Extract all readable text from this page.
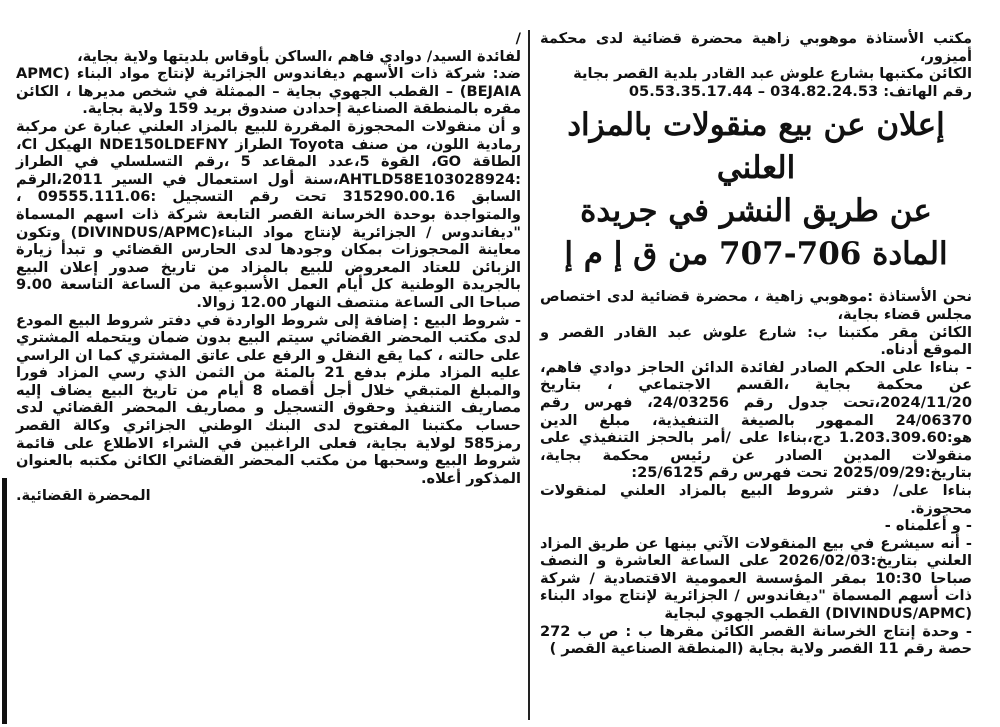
مكتب الأستاذة موهوبي زاهية محضرة قضائية لدى محكمة أميزور،

الكائن مكتبها بشارع علوش عبد القادر بلدية القصر بجاية

رقم الهاتف: 034.82.24.53 – 05.53.35.17.44

إعلان عن بيع منقولات بالمزاد العلني
عن طريق النشر في جريدة
المادة 706-707 من ق إ م إ

نحن الأستاذة :موهوبي زاهية ، محضرة قضائية لدى اختصاص مجلس قضاء بجاية،

الكائن مقر مكتبنا ب: شارع علوش عبد القادر القصر و الموقع أدناه.

- بناءا على الحكم الصادر لفائدة الدائن الحاجز دوادي فاهم، عن محكمة بجاية ،القسم الاجتماعي ، بتاريخ 2024/11/20،تحت جدول رقم 24/03256، فهرس رقم 24/06370 الممهور بالصيغة التنفيذية، مبلغ الدين هو:1.203.309.60 دج،بناءا على /أمر بالحجز التنفيذي على منقولات المدين الصادر عن رئيس محكمة بجاية، بتاريخ:2025/09/29 تحت فهرس رقم 25/6125:

بناءا على/ دفتر شروط البيع بالمزاد العلني لمنقولات محجوزة.

- و أعلمناه -

- أنه سيشرع في بيع المنقولات الآتي بينها عن طريق المزاد العلني بتاريخ:2026/02/03 على الساعة العاشرة و النصف صباحا 10:30 بمقر المؤسسة العمومية الاقتصادية / شركة ذات أسهم المسماة "ديفاندوس / الجزائرية لإنتاج مواد البناء (DIVINDUS/APMC) القطب الجهوي لبجاية

- وحدة إنتاج الخرسانة القصر الكائن مقرها ب : ص ب 272 حصة رقم 11 القصر ولاية بجاية (المنطقة الصناعية القصر )

/

لفائدة السيد/ دوادي فاهم ،الساكن بأوقاس بلديتها ولاية بجاية،

ضد: شركة ذات الأسهم ديفاندوس الجزائرية لإنتاج مواد البناء (APMC BEJAIA) – القطب الجهوي بجاية – الممثلة في شخص مديرها ، الكائن مقره بالمنطقة الصناعية إحدادن صندوق بريد 159 ولاية بجاية.

و أن منقولات المحجوزة المقررة للبيع بالمزاد العلني عبارة عن مركبة رمادية اللون، من صنف Toyota الطراز NDE150LDEFNY الهيكل Cl، الطاقة GO، القوة 5،عدد المقاعد 5 ،رقم التسلسلي في الطراز :AHTLD58E103028924،سنة أول استعمال في السير 2011،الرقم السابق 315290.00.16 تحت رقم التسجيل :09555.111.06 ، والمتواجدة بوحدة الخرسانة القصر التابعة شركة ذات اسهم المسماة "ديفاندوس / الجزائرية لإنتاج مواد البناء(DIVINDUS/APMC) وتكون معاينة المحجوزات بمكان وجودها لدى الحارس القضائي و تبدأ زيارة الزبائن للعتاد المعروض للبيع بالمزاد من تاريخ صدور إعلان البيع بالجريدة الوطنية كل أيام العمل الأسبوعية من الساعة التاسعة 9.00 صباحا الى الساعة منتصف النهار 12.00 زوالا.

- شروط البيع : إضافة إلى شروط الواردة في دفتر شروط البيع المودع لدى مكتب المحضر القضائي سيتم البيع بدون ضمان ويتحمله المشتري على حالته ، كما يقع النقل و الرفع على عاتق المشتري كما ان الراسي عليه المزاد ملزم بدفع 21 بالمئة من الثمن الذي رسي المزاد فورا والمبلغ المتبقي خلال أجل أقصاه 8 أيام من تاريخ البيع يضاف إليه مصاريف التنفيذ وحقوق التسجيل و مصاريف المحضر القضائي لدى حساب مكتبنا المفتوح لدى البنك الوطني الجزائري وكالة القصر رمز585 لولاية بجاية، فعلى الراغبين في الشراء الاطلاع على قائمة شروط البيع وسحبها من مكتب المحضر القضائي الكائن مكتبه بالعنوان المذكور أعلاه.

المحضرة القضائية.
